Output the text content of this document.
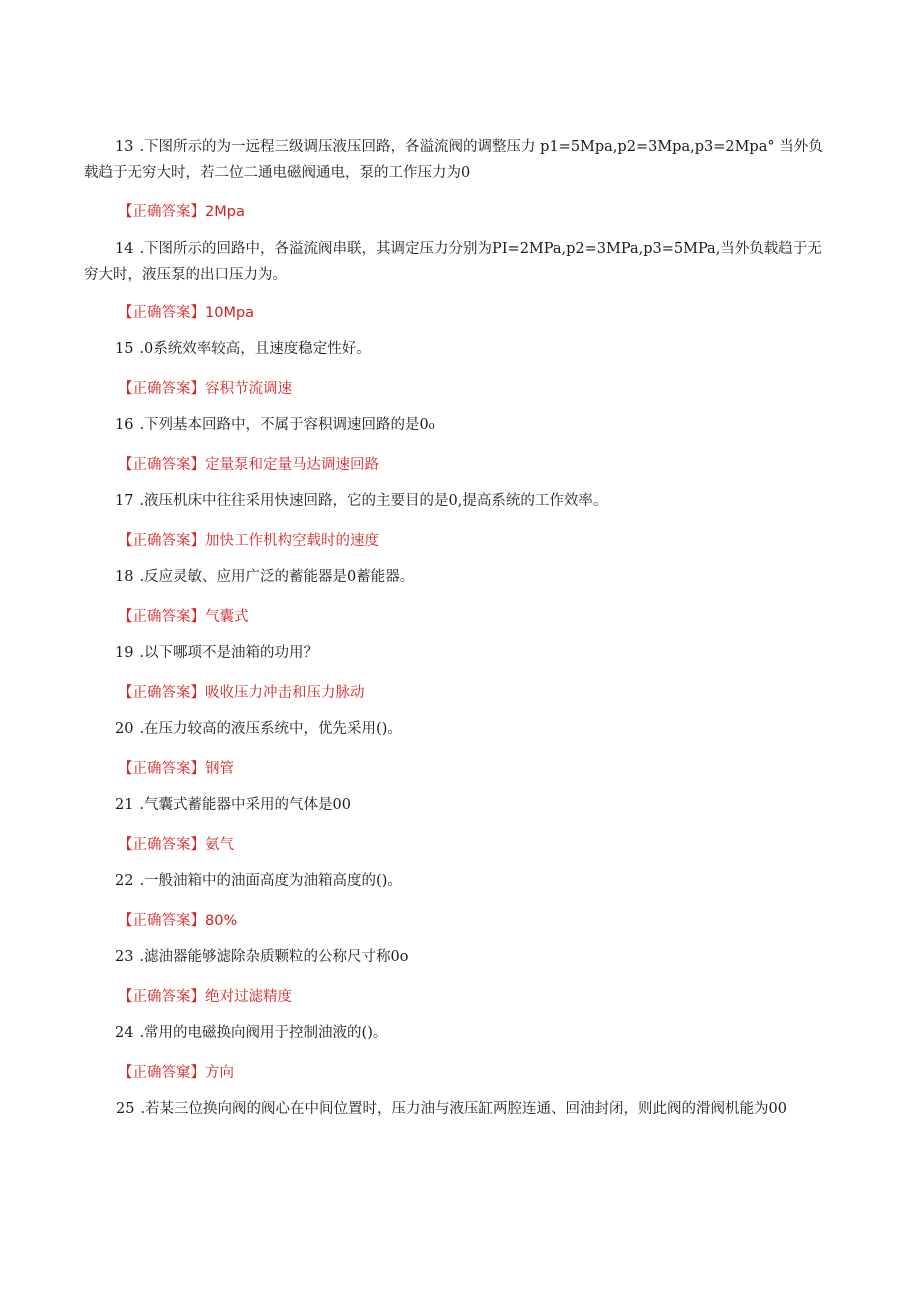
13 .下图所示的为一远程三级调压液压回路，各溢流阀的调整压力 p1=5Mpa,p2=3Mpa,p3=2Mpa° 当外负载趋于无穷大时，若二位二通电磁阀通电，泵的工作压力为0
【正确答案】2Mpa
14 .下图所示的回路中，各溢流阀串联，其调定压力分别为PI=2MPa,p2=3MPa,p3=5MPa,当外负载趋于无穷大时，液压泵的出口压力为。
【正确答案】10Mpa
15 .0系统效率较高，且速度稳定性好。
【正确答案】容积节流调速
16 .下列基本回路中，不属于容积调速回路的是0₀
【正确答案】定量泵和定量马达调速回路
17 .液压机床中往往采用快速回路，它的主要目的是0,提高系统的工作效率。
【正确答案】加快工作机构空载时的速度
18 .反应灵敏、应用广泛的蓄能器是0蓄能器。
【正确答案】气囊式
19 .以下哪项不是油箱的功用？
【正确答案】吸收压力冲击和压力脉动
20 .在压力较高的液压系统中，优先采用()。
【正确答案】钢管
21 .气囊式蓄能器中采用的气体是00
【正确答案】氨气
22 .一般油箱中的油面高度为油箱高度的()。
【正确答案】80%
23 .滤油器能够滤除杂质颗粒的公称尺寸称0o
【正确答案】绝对过滤精度
24 .常用的电磁换向阀用于控制油液的()。
【正确答窠】方向
25 .若某三位换向阀的阀心在中间位置时，压力油与液压缸两腔连通、回油封闭，则此阀的滑阀机能为00
